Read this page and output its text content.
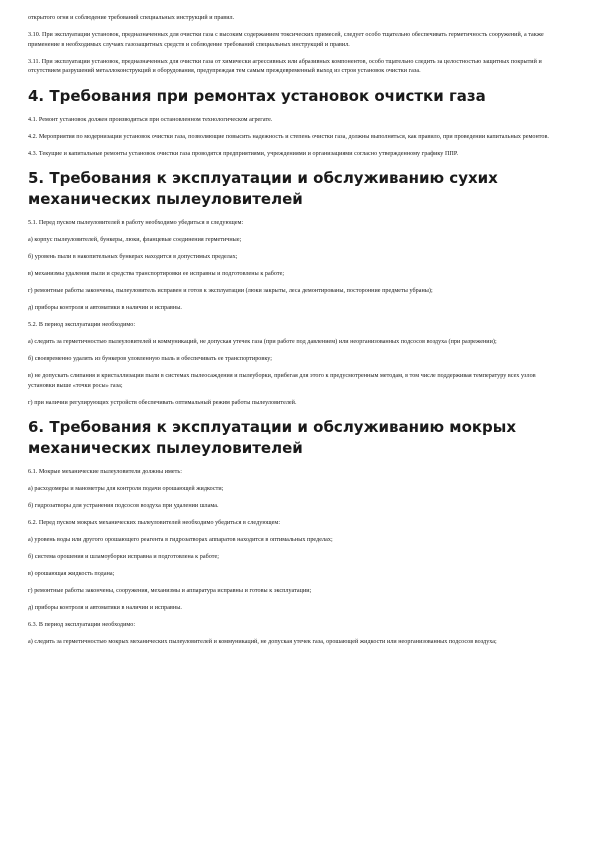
открытого огня и соблюдение требований специальных инструкций и правил.

3.10. При эксплуатации установок, предназначенных для очистки газа с высоким содержанием токсических примесей, следует особо тщательно обеспечивать герметичность сооружений, а также применение в необходимых случаях газозащитных средств и соблюдение требований специальных инструкций и правил.

3.11. При эксплуатации установок, предназначенных для очистки газа от химически агрессивных или абразивных компонентов, особо тщательно следить за целостностью защитных покрытий и отсутствием разрушений металлоконструкций и оборудования, предупреждая тем самым преждевременный выход из строя установок очистки газа.

4. Требования при ремонтах установок очистки газа

4.1. Ремонт установок должен производиться при остановленном технологическом агрегате.

4.2. Мероприятия по модернизации установок очистки газа, позволяющие повысить надежность и степень очистки газа, должны выполняться, как правило, при проведении капитальных ремонтов.

4.3. Текущие и капитальные ремонты установок очистки газа проводятся предприятиями, учреждениями и организациями согласно утвержденному графику ППР.

5. Требования к эксплуатации и обслуживанию сухих механических пылеуловителей

5.1. Перед пуском пылеуловителей в работу необходимо убедиться в следующем:

а) корпус пылеуловителей, бункеры, люки, фланцевые соединения герметичные;

б) уровень пыли в накопительных бункерах находится в допустимых пределах;

в) механизмы удаления пыли и средства транспортировки ее исправны и подготовлены к работе;

г) ремонтные работы закончены, пылеуловитель исправен и готов к эксплуатации (люки закрыты, леса демонтированы, посторонние предметы убраны);

д) приборы контроля и автоматики в наличии и исправны.

5.2. В период эксплуатации необходимо:

а) следить за герметичностью пылеуловителей и коммуникаций, не допуская утечек газа (при работе под давлением) или неорганизованных подсосов воздуха (при разрежении);

б) своевременно удалять из бункеров уловленную пыль и обеспечивать ее транспортировку;

в) не допускать слипания и кристаллизации пыли в системах пылеосаждения и пылеуборки, прибегая для этого к предусмотренным методам, в том числе поддерживая температуру всех узлов установки выше «точки росы» газа;

г) при наличии регулирующих устройств обеспечивать оптимальный режим работы пылеуловителей.

6. Требования к эксплуатации и обслуживанию мокрых механических пылеуловителей

6.1. Мокрые механические пылеуловители должны иметь:

а) расходомеры и манометры для контроля подачи орошающей жидкости;

б) гидрозатворы для устранения подсосов воздуха при удалении шлама.

6.2. Перед пуском мокрых механических пылеуловителей необходимо убедиться в следующем:

а) уровень воды или другого орошающего реагента в гидрозатворах аппаратов находится в оптимальных пределах;

б) система орошения и шламоуборки исправна и подготовлена к работе;

в) орошающая жидкость подана;

г) ремонтные работы закончены, сооружения, механизмы и аппаратура исправны и готовы к эксплуатации;

д) приборы контроля и автоматики в наличии и исправны.

6.3. В период эксплуатации необходимо:

а) следить за герметичностью мокрых механических пылеуловителей и коммуникаций, не допуская утечек газа, орошающей жидкости или неорганизованных подсосов воздуха;
